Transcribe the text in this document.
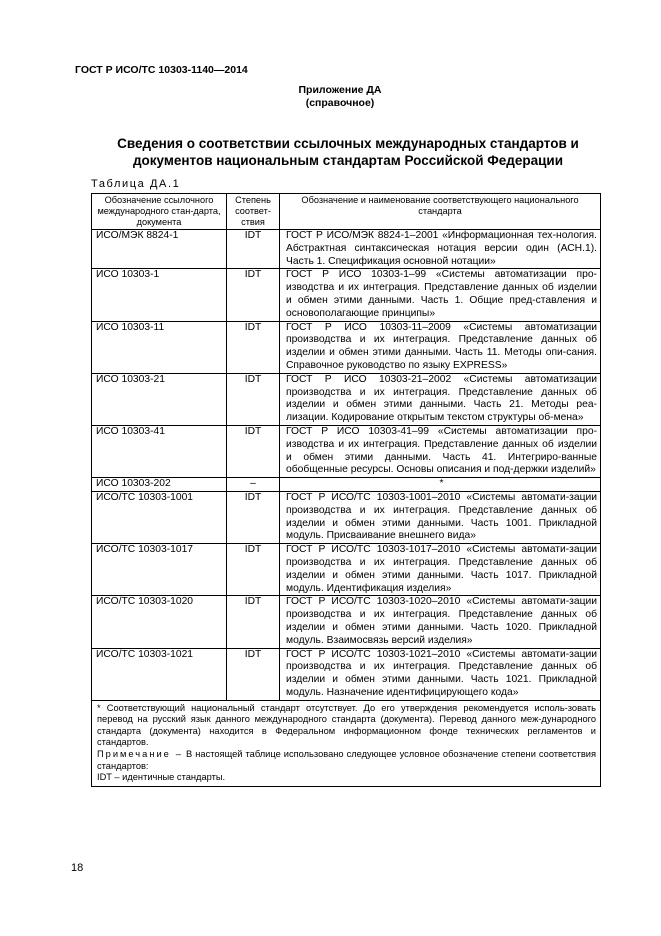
ГОСТ Р ИСО/ТС 10303-1140—2014
Приложение ДА
(справочное)
Сведения о соответствии ссылочных международных стандартов и
документов национальным стандартам Российской Федерации
Таблица ДА.1
Обозначение ссылочного международного стан-дарта, документа	Степень соответ-ствия	Обозначение и наименование соответствующего национального стандарта
ИСО/МЭК 8824-1	IDT	ГОСТ Р ИСО/МЭК 8824-1–2001 «Информационная тех-нология. Абстрактная синтаксическая нотация версии один (АСН.1). Часть 1. Спецификация основной нотации»
ИСО 10303-1	IDT	ГОСТ Р ИСО 10303-1–99 «Системы автоматизации про-изводства и их интеграция. Представление данных об изделии и обмен этими данными. Часть 1. Общие пред-ставления и основополагающие принципы»
ИСО 10303-11	IDT	ГОСТ Р ИСО 10303-11–2009 «Системы автоматизации производства и их интеграция. Представление данных об изделии и обмен этими данными. Часть 11. Методы опи-сания. Справочное руководство по языку EXPRESS»
ИСО 10303-21	IDT	ГОСТ Р ИСО 10303-21–2002 «Системы автоматизации производства и их интеграция. Представление данных об изделии и обмен этими данными. Часть 21. Методы реа-лизации. Кодирование открытым текстом структуры об-мена»
ИСО 10303-41	IDT	ГОСТ Р ИСО 10303-41–99 «Системы автоматизации про-изводства и их интеграция. Представление данных об изделии и обмен этими данными. Часть 41. Интегриро-ванные обобщенные ресурсы. Основы описания и под-держки изделий»
ИСО 10303-202	–	*
ИСО/ТС 10303-1001	IDT	ГОСТ Р ИСО/ТС 10303-1001–2010 «Системы автомати-зации производства и их интеграция. Представление данных об изделии и обмен этими данными. Часть 1001. Прикладной модуль. Присваивание внешнего вида»
ИСО/ТС 10303-1017	IDT	ГОСТ Р ИСО/ТС 10303-1017–2010 «Системы автомати-зации производства и их интеграция. Представление данных об изделии и обмен этими данными. Часть 1017. Прикладной модуль. Идентификация изделия»
ИСО/ТС 10303-1020	IDT	ГОСТ Р ИСО/ТС 10303-1020–2010 «Системы автомати-зации производства и их интеграция. Представление данных об изделии и обмен этими данными. Часть 1020. Прикладной модуль. Взаимосвязь версий изделия»
ИСО/ТС 10303-1021	IDT	ГОСТ Р ИСО/ТС 10303-1021–2010 «Системы автомати-зации производства и их интеграция. Представление данных об изделии и обмен этими данными. Часть 1021. Прикладной модуль. Назначение идентифицирующего кода»

* Соответствующий национальный стандарт отсутствует. До его утверждения рекомендуется исполь-зовать перевод на русский язык данного международного стандарта (документа). Перевод данного меж-дународного стандарта (документа) находится в Федеральном информационном фонде технических регламентов и стандартов.
Примечание – В настоящей таблице использовано следующее условное обозначение степени соответствия стандартов:
IDT – идентичные стандарты.		
18
